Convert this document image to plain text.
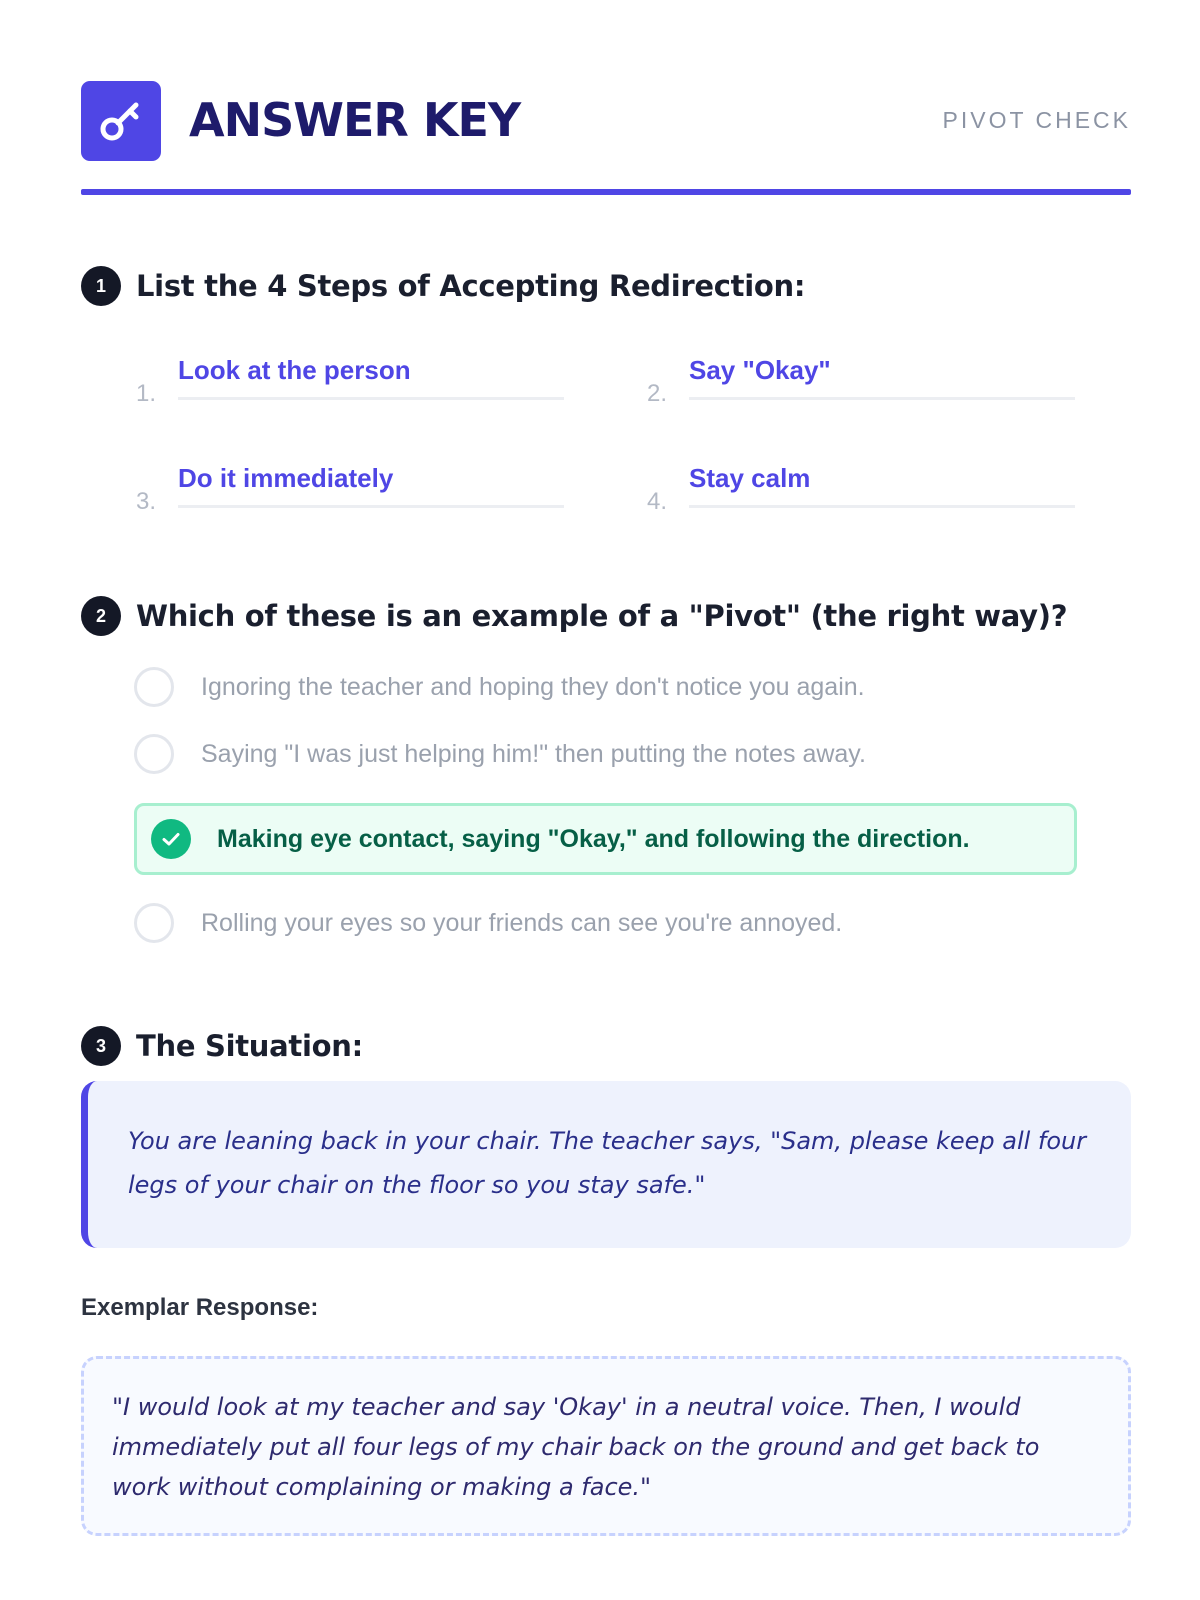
ANSWER KEY	PIVOT CHECK
1	List the 4 Steps of Accepting Redirection:
1.
Look at the person
2.
Say "Okay"
3.
Do it immediately
4.
Stay calm
2	Which of these is an example of a "Pivot" (the right way)?
Ignoring the teacher and hoping they don't notice you again.
Saying "I was just helping him!" then putting the notes away.
Making eye contact, saying "Okay," and following the direction.
Rolling your eyes so your friends can see you're annoyed.
3	The Situation:

You are leaning back in your chair. The teacher says, "Sam, please keep all four legs of your chair on the floor so you stay safe."

Exemplar Response:

"I would look at my teacher and say 'Okay' in a neutral voice. Then, I would immediately put all four legs of my chair back on the ground and get back to work without complaining or making a face."
